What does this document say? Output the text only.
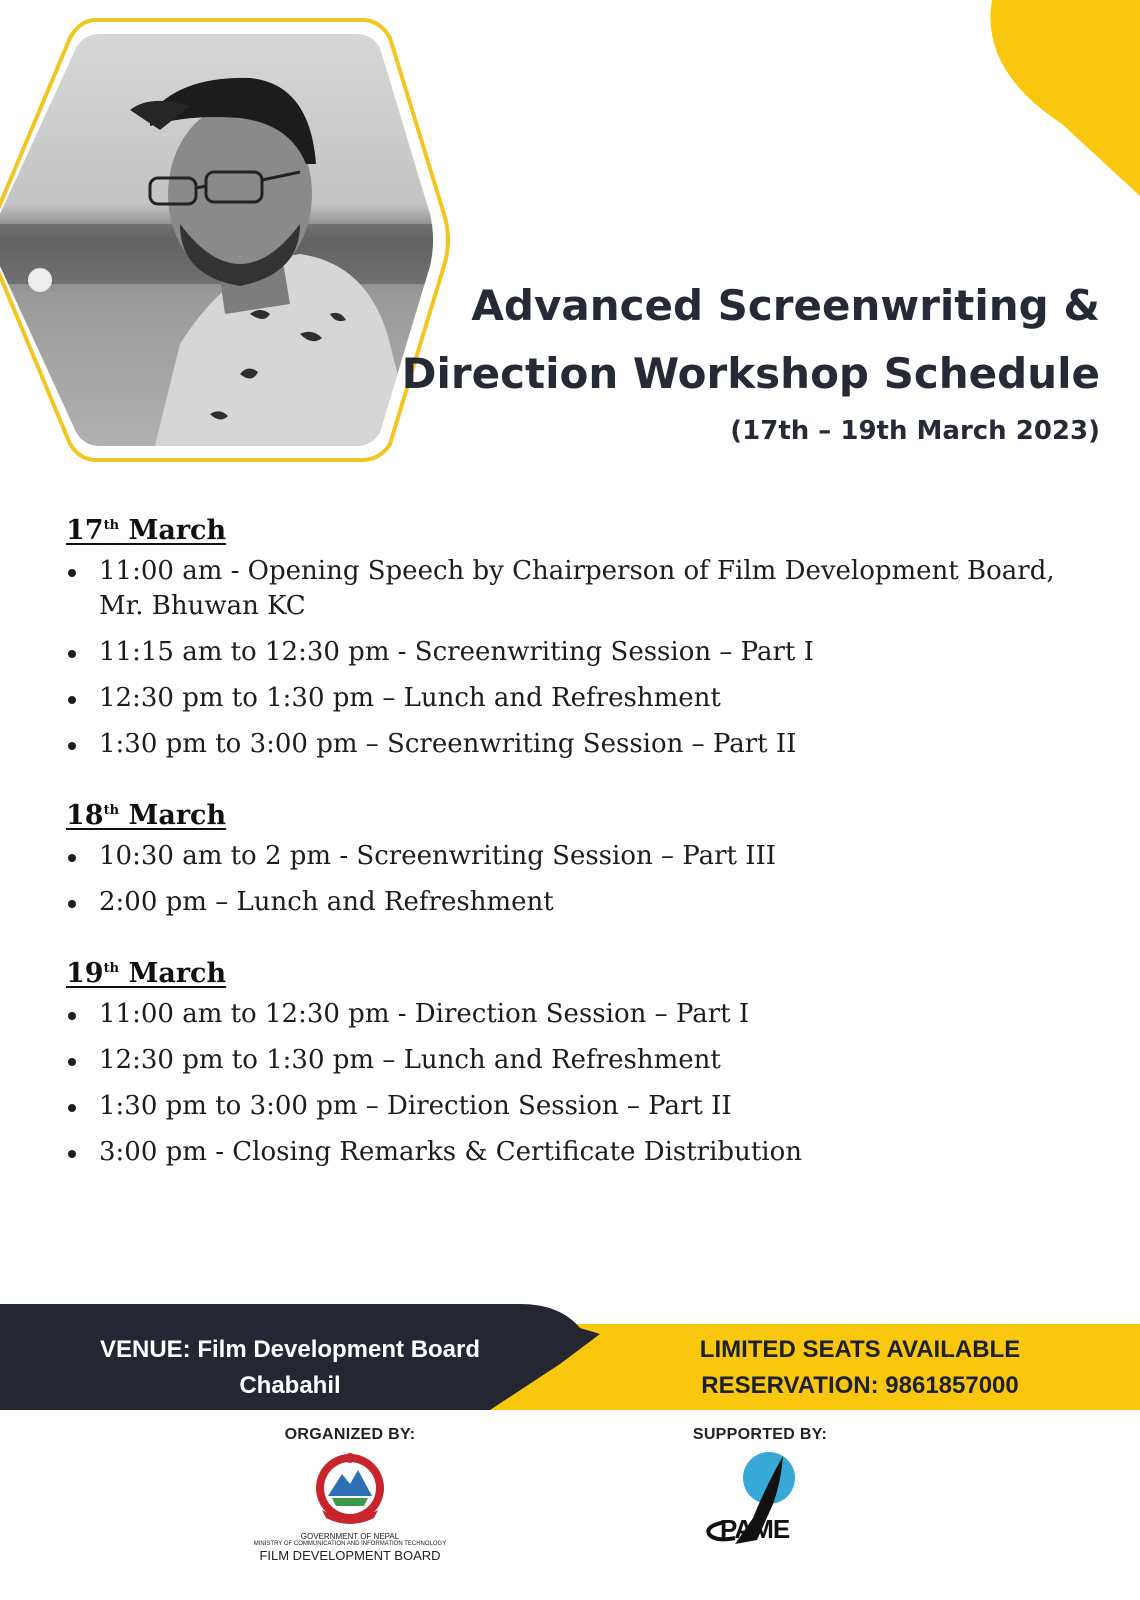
Advanced Screenwriting &
Direction Workshop Schedule
(17th – 19th March 2023)
17th March
11:00 am - Opening Speech by Chairperson of Film Development Board, Mr. Bhuwan KC
11:15 am to 12:30 pm - Screenwriting Session – Part I
12:30 pm to 1:30 pm – Lunch and Refreshment
1:30 pm to 3:00 pm – Screenwriting Session – Part II
18th March
10:30 am to 2 pm - Screenwriting Session – Part III
2:00 pm – Lunch and Refreshment
19th March
11:00 am to 12:30 pm - Direction Session – Part I
12:30 pm to 1:30 pm – Lunch and Refreshment
1:30 pm to 3:00 pm – Direction Session – Part II
3:00 pm - Closing Remarks & Certificate Distribution
VENUE: Film Development Board
Chabahil
LIMITED SEATS AVAILABLE
RESERVATION: 9861857000
ORGANIZED BY:
GOVERNMENT OF NEPAL
MINISTRY OF COMMUNICATION AND INFORMATION TECHNOLOGY
FILM DEVELOPMENT BOARD
SUPPORTED BY:
PAME
